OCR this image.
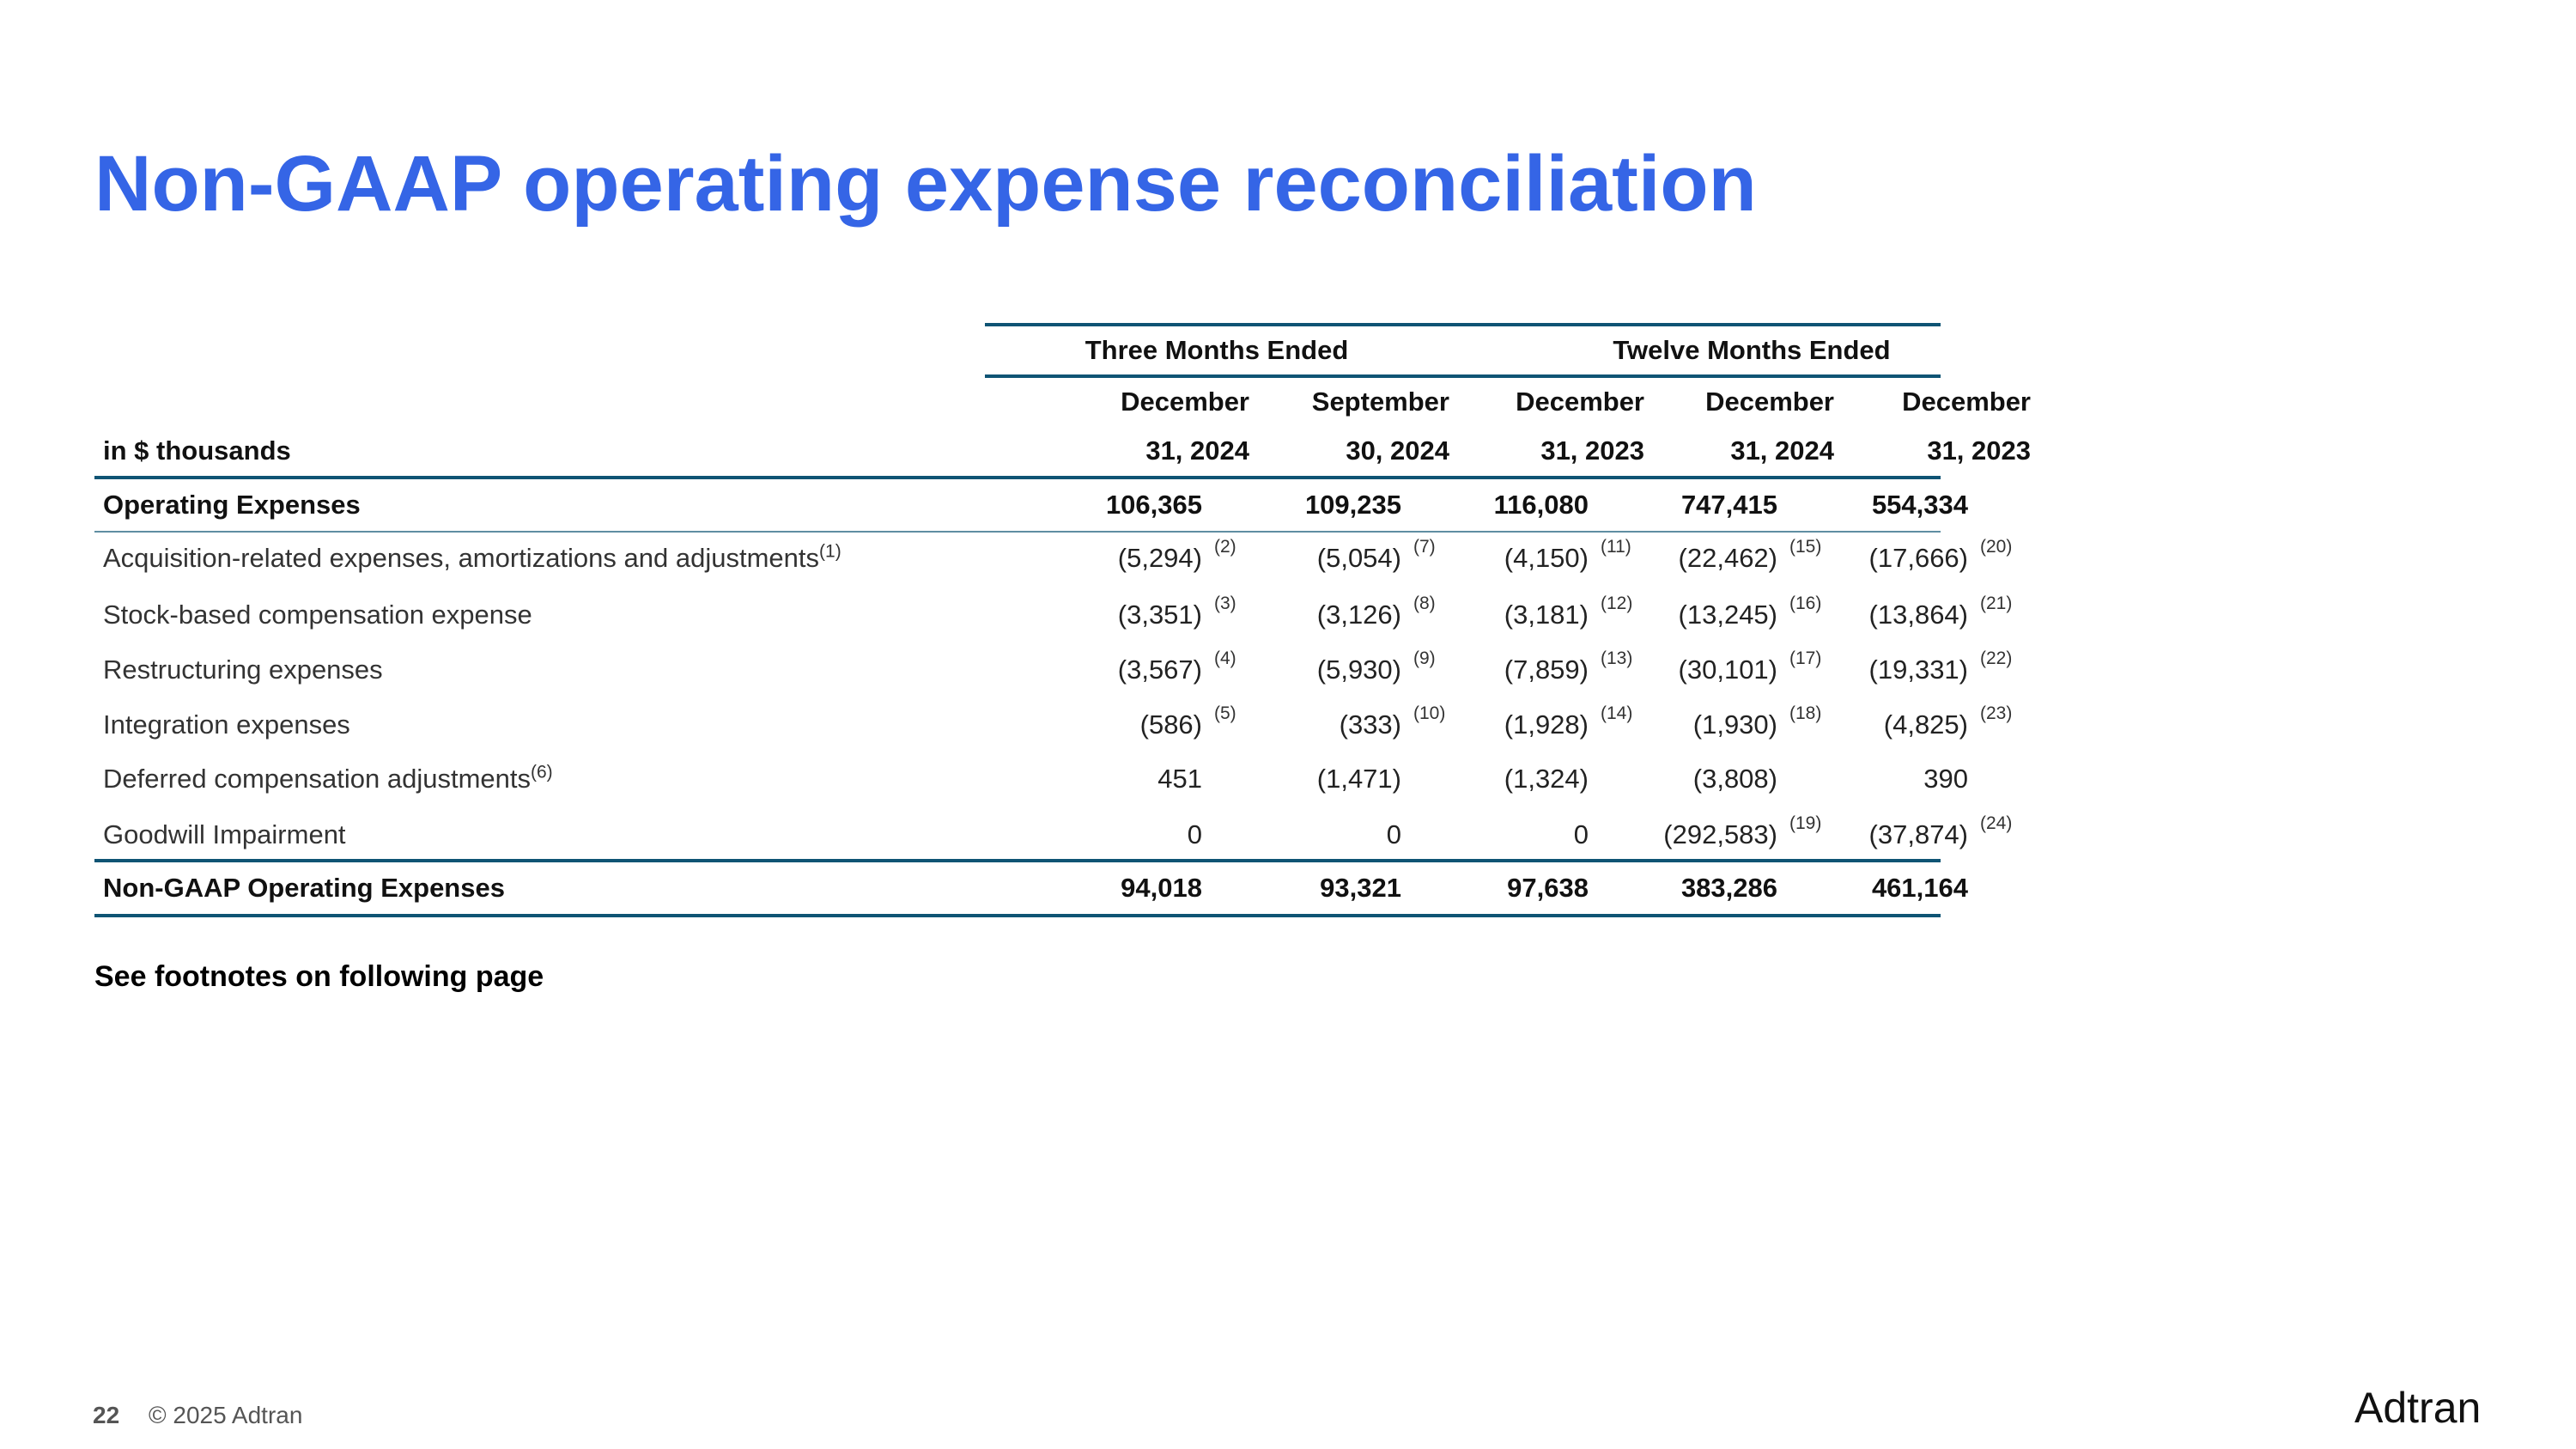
Non-GAAP operating expense reconciliation
Three Months Ended	Twelve Months Ended
December	September	December	December	December
in $ thousands	31, 2024	30, 2024	31, 2023	31, 2024	31, 2023
Operating Expenses	106,365	109,235	116,080	747,415	554,334
Acquisition-related expenses, amortizations and adjustments$^{(1)}$	(5,294) (2)	(5,054) (7)	(4,150) (11)	(22,462) (15)	(17,666) (20)
Stock-based compensation expense	(3,351) (3)	(3,126) (8)	(3,181) (12)	(13,245) (16)	(13,864) (21)
Restructuring expenses	(3,567) (4)	(5,930) (9)	(7,859) (13)	(30,101) (17)	(19,331) (22)
Integration expenses	(586) (5)	(333) (10)	(1,928) (14)	(1,930) (18)	(4,825) (23)
Deferred compensation adjustments$^{(6)}$	451	(1,471)	(1,324)	(3,808)	390
Goodwill Impairment	0	0	0	(292,583) (19)	(37,874) (24)
Non-GAAP Operating Expenses	94,018	93,321	97,638	383,286	461,164
See footnotes on following page
22 © 2025 Adtran	Adtran
